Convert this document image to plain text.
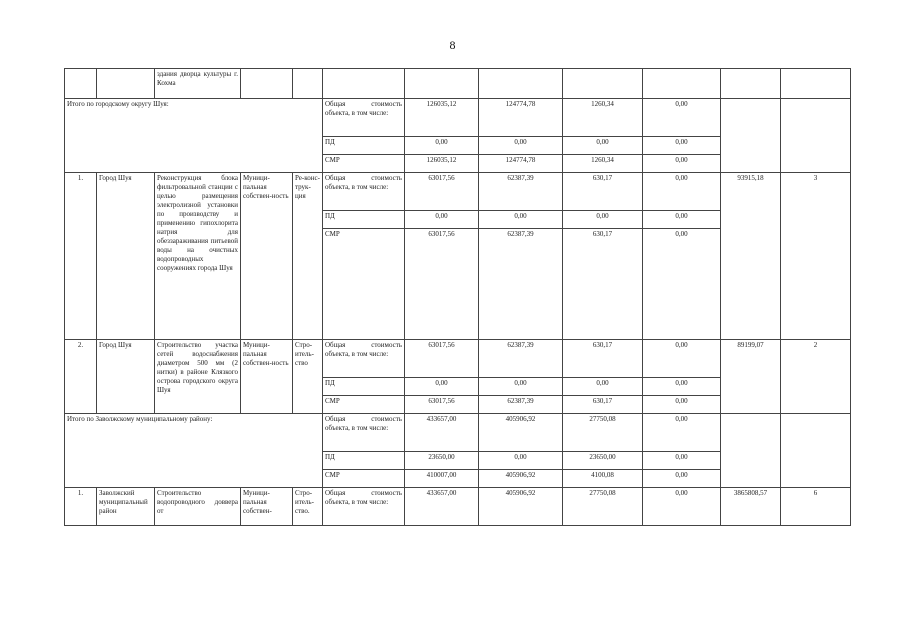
8
		здания дворца культуры г. Кохма									
Итого по городскому округу Шуя:					Общая стоимость объекта, в том числе:	126035,12	124774,78	1260,34	0,00		
					ПД	0,00	0,00	0,00	0,00		
					СМР	126035,12	124774,78	1260,34	0,00		
1.	Город Шуя	Реконструкция блока фильтровальной станции с целью размещения электролизной установки по производству и применению гипохлорита натрия для обеззараживания питьевой воды на очистных водопроводных сооружениях города Шуя	Муници-пальная собствен-ность	Ре-конс-трук-ция	Общая стоимость объекта, в том числе:	63017,56	62387,39	630,17	0,00	93915,18	3
					ПД	0,00	0,00	0,00	0,00		
					СМР	63017,56	62387,39	630,17	0,00		
2.	Город Шуя	Строительство участка сетей водоснабжения диаметром 500 мм (2 нитки) в районе Клязкого острова городского округа Шуя	Муници-пальная собствен-ность	Стро-итель-ство	Общая стоимость объекта, в том числе:	63017,56	62387,39	630,17	0,00	89199,07	2
					ПД	0,00	0,00	0,00	0,00		
					СМР	63017,56	62387,39	630,17	0,00		
Итого по Заволжскому муниципальному району:					Общая стоимость объекта, в том числе:	433657,00	405906,92	27750,08	0,00		
					ПД	23650,00	0,00	23650,00	0,00		
					СМР	410007,00	405906,92	4100,08	0,00		
1.	Заволжский муниципальный район	Строительство водопроводного доввера от	Муници-пальная собствен-	Стро-итель-ство.	Общая стоимость объекта, в том числе:	433657,00	405906,92	27750,08	0,00	3865808,57	6
